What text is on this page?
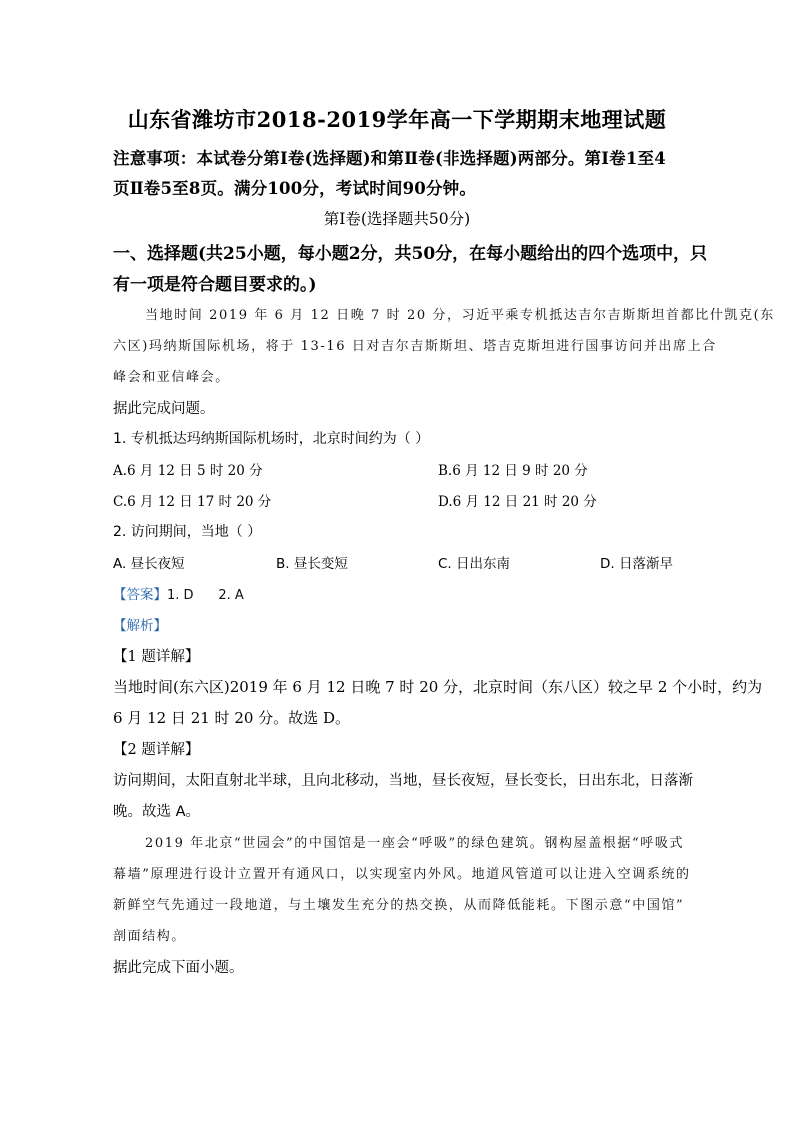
山东省潍坊市2018-2019学年高一下学期期末地理试题
注意事项：本试卷分第Ⅰ卷(选择题)和第Ⅱ卷(非选择题)两部分。第Ⅰ卷1至4
页Ⅱ卷5至8页。满分100分，考试时间90分钟。
第Ⅰ卷(选择题共50分)
一、选择题(共25小题，每小题2分，共50分，在每小题给出的四个选项中，只
有一项是符合题目要求的。)
当地时间 2019 年 6 月 12 日晚 7 时 20 分，习近平乘专机抵达吉尔吉斯斯坦首都比什凯克(东
六区)玛纳斯国际机场，将于 13-16 日对吉尔吉斯斯坦、塔吉克斯坦进行国事访问并出席上合
峰会和亚信峰会。
据此完成问题。
1. 专机抵达玛纳斯国际机场时，北京时间约为（ ）
A.6 月 12 日 5 时 20 分	B.6 月 12 日 9 时 20 分
C.6 月 12 日 17 时 20 分	D.6 月 12 日 21 时 20 分
2. 访问期间，当地（ ）
A. 昼长夜短	B. 昼长变短	C. 日出东南	D. 日落渐早
【答案】1. D      2. A
【解析】
【1 题详解】
当地时间(东六区)2019 年 6 月 12 日晚 7 时 20 分，北京时间（东八区）较之早 2 个小时，约为
6 月 12 日 21 时 20 分。故选 D。
【2 题详解】
访问期间，太阳直射北半球，且向北移动，当地，昼长夜短，昼长变长，日出东北，日落渐
晚。故选 A。
2019 年北京“世园会”的中国馆是一座会“呼吸”的绿色建筑。钢构屋盖根据“呼吸式
幕墙”原理进行设计立置开有通风口，以实现室内外风。地道风管道可以让进入空调系统的
新鲜空气先通过一段地道，与土壤发生充分的热交换，从而降低能耗。下图示意“中国馆”
剖面结构。
据此完成下面小题。
